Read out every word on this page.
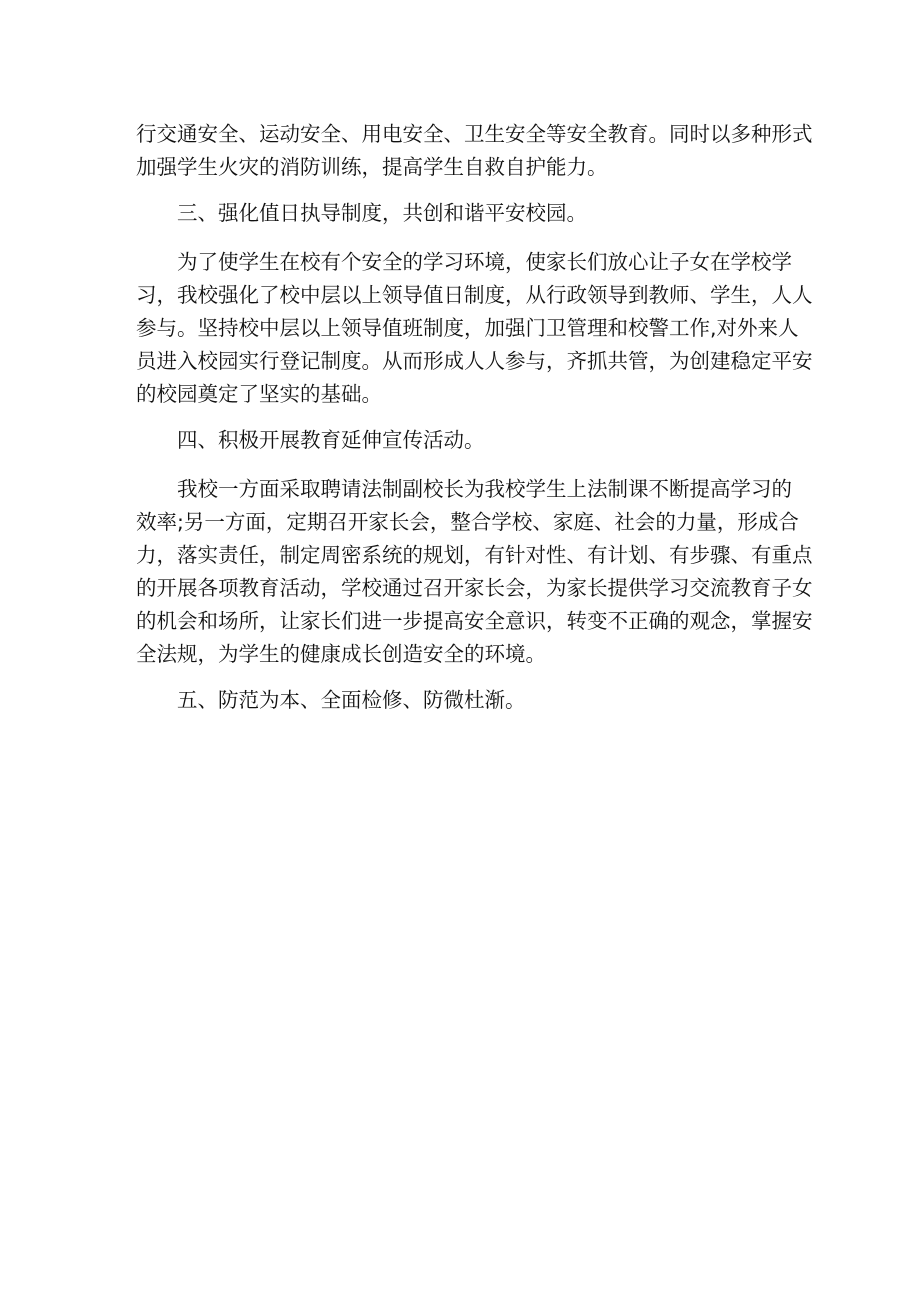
行交通安全、运动安全、用电安全、卫生安全等安全教育。同时以多种形式
加强学生火灾的消防训练，提高学生自救自护能力。

三、强化值日执导制度，共创和谐平安校园。

为了使学生在校有个安全的学习环境，使家长们放心让子女在学校学
习，我校强化了校中层以上领导值日制度，从行政领导到教师、学生，人人
参与。坚持校中层以上领导值班制度，加强门卫管理和校警工作,对外来人
员进入校园实行登记制度。从而形成人人参与，齐抓共管，为创建稳定平安
的校园奠定了坚实的基础。

四、积极开展教育延伸宣传活动。

我校一方面采取聘请法制副校长为我校学生上法制课不断提高学习的
效率;另一方面，定期召开家长会，整合学校、家庭、社会的力量，形成合
力，落实责任，制定周密系统的规划，有针对性、有计划、有步骤、有重点
的开展各项教育活动，学校通过召开家长会，为家长提供学习交流教育子女
的机会和场所，让家长们进一步提高安全意识，转变不正确的观念，掌握安
全法规，为学生的健康成长创造安全的环境。

五、防范为本、全面检修、防微杜渐。
